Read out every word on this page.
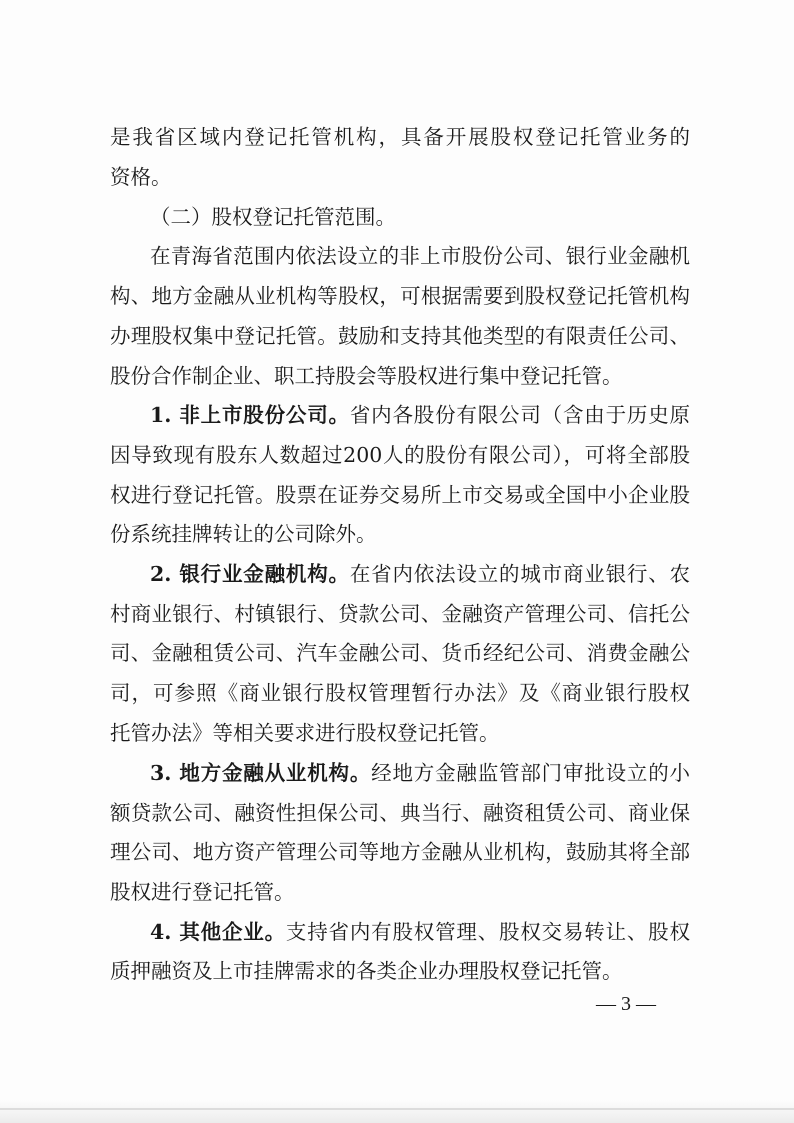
是我省区域内登记托管机构，具备开展股权登记托管业务的
资格。
（二）股权登记托管范围。
在青海省范围内依法设立的非上市股份公司、银行业金融机
构、地方金融从业机构等股权，可根据需要到股权登记托管机构
办理股权集中登记托管。鼓励和支持其他类型的有限责任公司、
股份合作制企业、职工持股会等股权进行集中登记托管。
1. 非上市股份公司。省内各股份有限公司（含由于历史原
因导致现有股东人数超过200人的股份有限公司），可将全部股
权进行登记托管。股票在证券交易所上市交易或全国中小企业股
份系统挂牌转让的公司除外。
2. 银行业金融机构。在省内依法设立的城市商业银行、农
村商业银行、村镇银行、贷款公司、金融资产管理公司、信托公
司、金融租赁公司、汽车金融公司、货币经纪公司、消费金融公
司，可参照《商业银行股权管理暂行办法》及《商业银行股权
托管办法》等相关要求进行股权登记托管。
3. 地方金融从业机构。经地方金融监管部门审批设立的小
额贷款公司、融资性担保公司、典当行、融资租赁公司、商业保
理公司、地方资产管理公司等地方金融从业机构，鼓励其将全部
股权进行登记托管。
4. 其他企业。支持省内有股权管理、股权交易转让、股权
质押融资及上市挂牌需求的各类企业办理股权登记托管。
— 3 —
